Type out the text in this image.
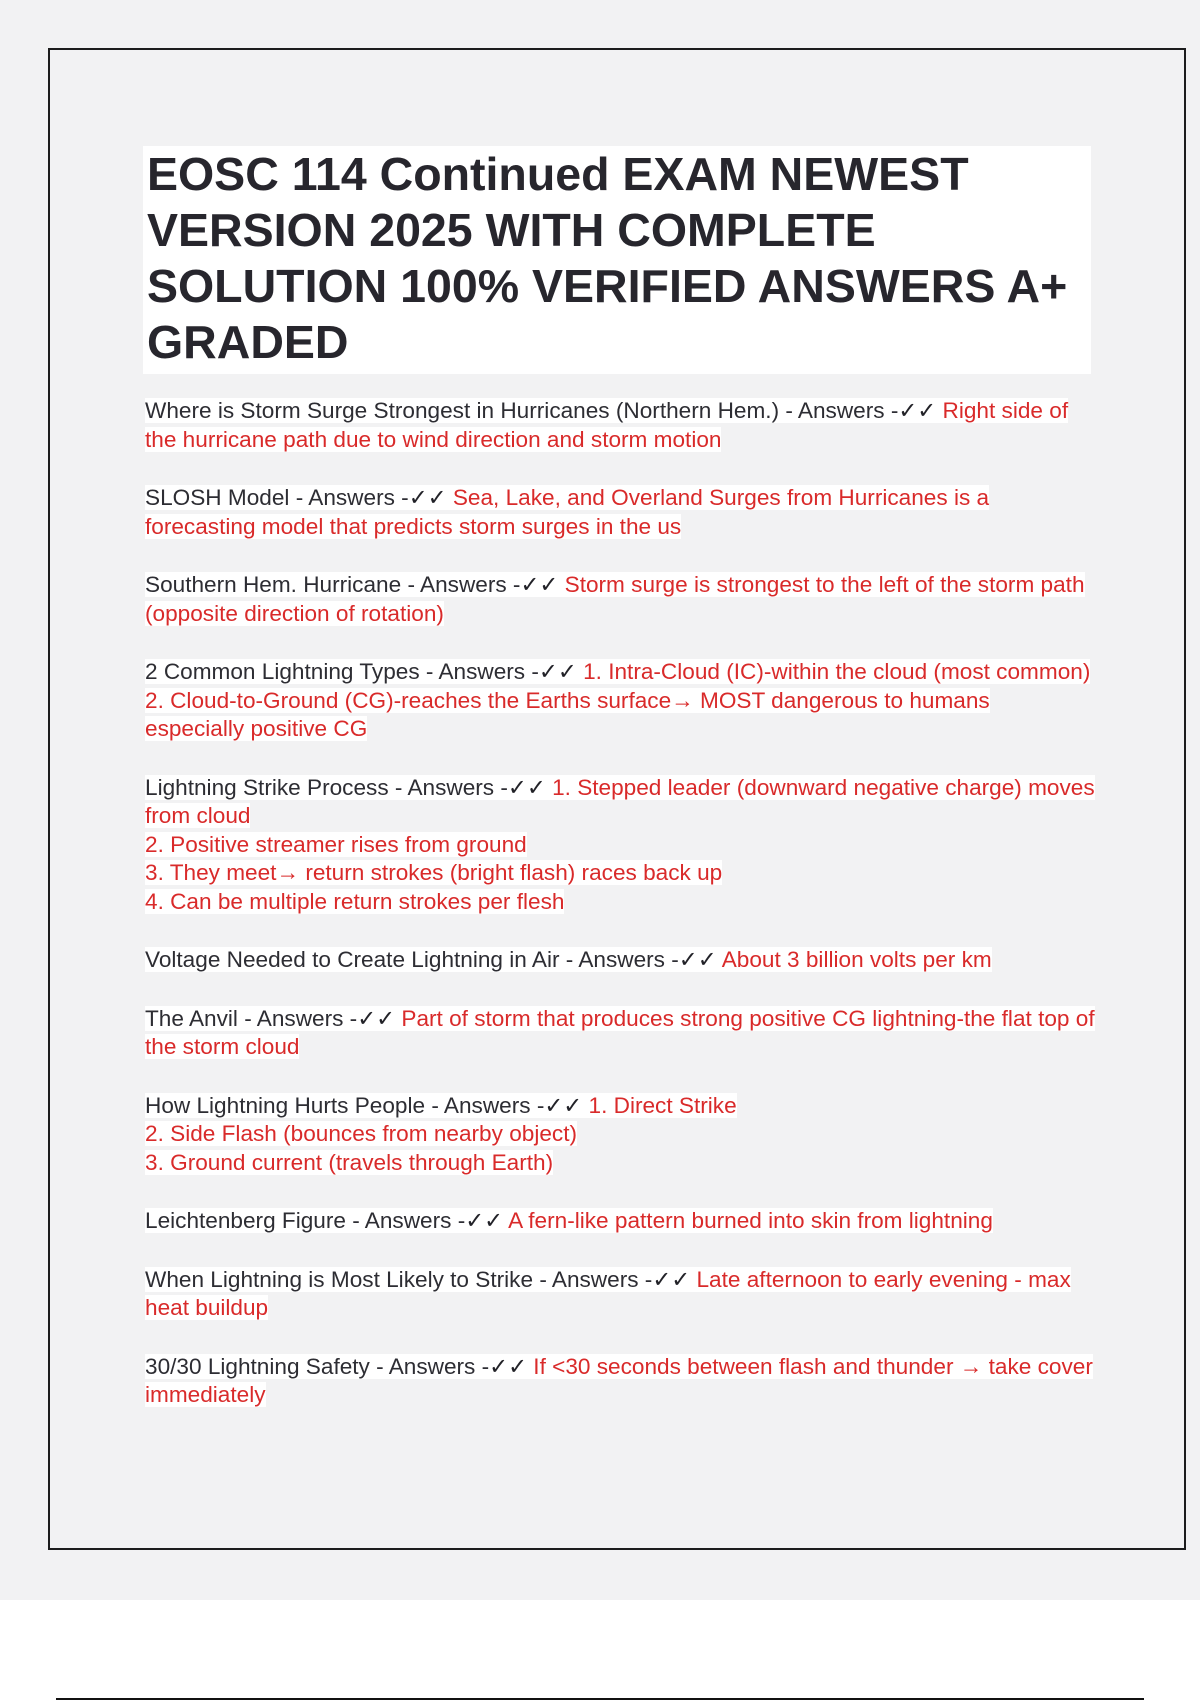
EOSC 114 Continued EXAM NEWEST VERSION 2025 WITH COMPLETE SOLUTION 100% VERIFIED ANSWERS A+ GRADED
Where is Storm Surge Strongest in Hurricanes (Northern Hem.) - Answers -✓✓ Right side of the hurricane path due to wind direction and storm motion
SLOSH Model - Answers -✓✓ Sea, Lake, and Overland Surges from Hurricanes is a forecasting model that predicts storm surges in the us
Southern Hem. Hurricane - Answers -✓✓ Storm surge is strongest to the left of the storm path (opposite direction of rotation)
2 Common Lightning Types - Answers -✓✓ 1. Intra-Cloud (IC)-within the cloud (most common)
2. Cloud-to-Ground (CG)-reaches the Earths surface→ MOST dangerous to humans especially positive CG
Lightning Strike Process - Answers -✓✓ 1. Stepped leader (downward negative charge) moves from cloud
2. Positive streamer rises from ground
3. They meet→ return strokes (bright flash) races back up
4. Can be multiple return strokes per flesh
Voltage Needed to Create Lightning in Air - Answers -✓✓ About 3 billion volts per km
The Anvil - Answers -✓✓ Part of storm that produces strong positive CG lightning-the flat top of the storm cloud
How Lightning Hurts People - Answers -✓✓ 1. Direct Strike
2. Side Flash (bounces from nearby object)
3. Ground current (travels through Earth)
Leichtenberg Figure - Answers -✓✓ A fern-like pattern burned into skin from lightning
When Lightning is Most Likely to Strike - Answers -✓✓ Late afternoon to early evening - max heat buildup
30/30 Lightning Safety - Answers -✓✓ If <30 seconds between flash and thunder → take cover immediately
